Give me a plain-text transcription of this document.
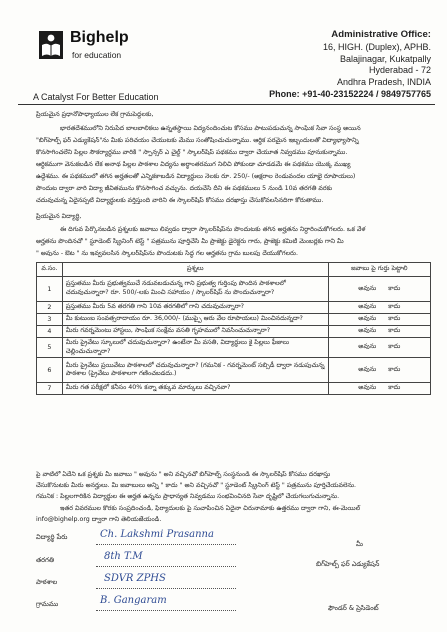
Bighelp
for education
A Catalyst For Better Education
Administrative Office:
16, HIGH. (Duplex), APHB.
Balajinagar, Kukatpally
Hyderabad - 72
Andhra Pradesh, INDIA
Phone: +91-40-23152224 / 9849757765
ప్రియమైన ప్రధానోపాధ్యాయుల లేక గ్రామపెద్దలకు,
భారతదేశములోని నిరుపేద బాలబాలికలు ఉన్నతస్థాయి విద్యనందించుట కోసము పాటుపడుచున్న సాంఘిక సేవా సంస్థ అయిన
"బిగ్‌హెల్ప్ ఫర్ ఎడ్యుకేషన్"ను మీకు పరిచయం చేయుటకు మేము సంతోషించుచున్నాము. ఆర్థిక పరమైన ఇబ్బందులతో విద్యాభ్యాసాన్ని
కొనసాగించలేని పిల్లల సౌకర్యార్థము వారికి " స్పాన్సర్ ఎ చైల్డ్ " స్కాలర్‌షిప్ పథకము ద్వారా చేయూత నివ్వడము పూనుకున్నాము.
ఆర్థికముగా వెనుకబడిన లేక అనాథ పిల్లల పాఠశాల విద్యను అర్థాంతరముగ నిలిచి పోకుండా చూడడమే ఈ పథకము యొక్క ముఖ్య
ఉద్దేశము. ఈ పథకములో తగిన అర్హతలతో ఎన్నికకాబడిన విద్యార్థులు నెలకు రూ. 250/- (అక్షరాల రెండువందల యాభై రూపాయలు)
పొందుట ద్వారా వారి విద్యా జీవితమును కొనసాగించ వచ్చును. దయచేసి దీని ఈ పథకములు 5 నుండి 10వ తరగతి వరకు
చదువుచున్న ఏదైనప్పటి విద్యార్థులకు వర్తిస్తుంది వారిని ఈ స్కాలర్‌షిప్ కోసము దరఖాస్తు చేసుకోవలసినదిగా కోరుతాము.
ప్రియమైన విద్యార్థి,
ఈ దిగువ పేర్కొనబడిన ప్రశ్నలకు జవాబు లివ్వడం ద్వారా స్కాలర్‌షిప్‌ను పొందుటకు తగిన అర్హతను నిర్ధారించుకోగలరు. ఒక వేళ
అర్హతను పొందినచో " స్టూడెంట్ స్క్రీనింగ్ టెస్ట్ " పత్రమును పూర్తిచేసి మీ ప్రాజెక్టు డైరెక్టరు గారు, ప్రాజెక్టు కమిటీ మెంబర్లకు గాని మీ
" అవును - ఔట " ను ఇవ్వవలసిన స్కాలర్‌షిప్‌ను పొందుటకు సిద్ధ గల అర్హతను గ్రామ బులపు దేయుకోగలరు.
వ.సం.	ప్రశ్నలు	జవాబు పై గుర్తు పెట్టాలి
1	ప్రస్తుతము మీరు ప్రభుత్వముచే నడువబడుచున్న గాని ప్రభుత్వ గుర్తింపు పొందిన పాఠశాలలో చదువుచున్నారా? రూ. 500/-లకు మించి సహాయం / స్కాలర్‌షిప్ ను పొందుచున్నారా?	అవును కాదు
2	ప్రస్తుతము మీరు 5వ తరగతి గాని 10వ తరగతిలో గాని చదువుచున్నారా?	అవును కాదు
3	మీ కుటుంబ సంవత్సరాదాయం రూ. 36,000/- (ముప్పై ఆరు వేల రూపాయలు) మించినదున్నదా?	అవును కాదు
4	మీరు గవర్నమెంటు హాస్టలు, సాంఘిక సంక్షేమ వసతి గృహములో నివసించుచున్నారా?	అవును కాదు
5	మీరు ప్రైవేటు స్కూలులో చదువుచున్నారా? ఉంటేనా మీ వసతి, విద్యార్థులు కై పిల్లలు ఫీజులు చెల్లించుచున్నారా?	అవును కాదు
6	మీరు ప్రైవేటు ప్రయివేటు పాఠశాలలో చదువుచున్నారా? (గమనిక - గవర్నమెంట్ సబ్సిడీ ద్వారా నడుపుచున్న పాఠశాల (ప్రైవేటు పాఠశాలగా గణించబడదు.)	అవును కాదు
7	మీరు గత పరీక్షలో కనీసం 40% కన్నా తక్కువ మార్కులు వచ్చినవా?	అవును కాదు
పై వాటిలో ఏదేని ఒక ప్రశ్నకు మీ జవాబు " అవును " అని వచ్చినచో బిగ్‌హెల్ప్ సంస్థనుండి ఈ స్కాలర్‌షిప్ కోసము దరఖాస్తు
చేసుకొనుటకు మీరు అనర్హులు. మీ జవాబులు అన్ని " కాదు " అని వచ్చినచో " స్టూడెంట్ స్క్రీనింగ్ టెస్ట్ " పత్రమును పూర్తిచేయవలెను.
గమనిక : పిల్లలగారికిన విద్యార్థుల ఈ అర్హత ఉన్నను ప్రాధాన్యత నివ్వడము సంభవించినది సేవా దృష్టిలో చేయగలుగుచున్నాను.
ఇతర వివరముల కొరకు సంప్రదించండి, ఫిర్యాదులకు పై సుచాపించిన ఏదైనా చిరునామాకు ఉత్తరము ద్వారా గాని, ఈ-మెయిల్
info@bighelp.org ద్వారా గాని తెలియజేయండి.
విద్యార్థి పేరు	Ch. Lakshmi Prasanna
తరగతి	8th T.M
పాఠశాల	SDVR ZPHS
గ్రామము	B. Gangaram
మీ
బిగ్‌హెల్ప్ ఫర్ ఎడ్యుకేషన్
ఫౌండర్ & ప్రెసిడెంట్
